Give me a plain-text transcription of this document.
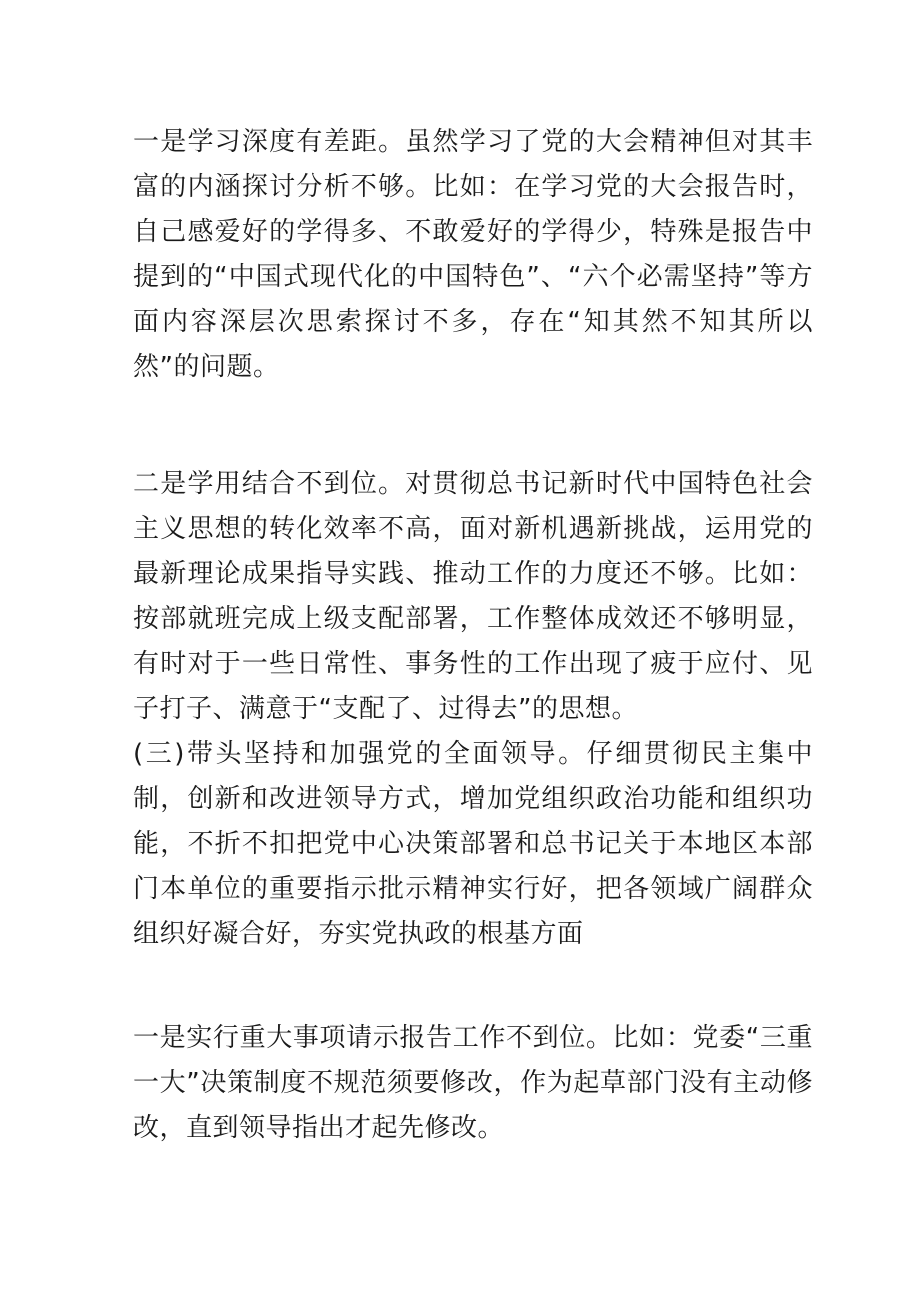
一是学习深度有差距。虽然学习了党的大会精神但对其丰富的内涵探讨分析不够。比如：在学习党的大会报告时，自己感爱好的学得多、不敢爱好的学得少，特殊是报告中提到的“中国式现代化的中国特色”、“六个必需坚持”等方面内容深层次思索探讨不多，存在“知其然不知其所以然”的问题。

二是学用结合不到位。对贯彻总书记新时代中国特色社会主义思想的转化效率不高，面对新机遇新挑战，运用党的最新理论成果指导实践、推动工作的力度还不够。比如：按部就班完成上级支配部署，工作整体成效还不够明显，有时对于一些日常性、事务性的工作出现了疲于应付、见子打子、满意于“支配了、过得去”的思想。
(三)带头坚持和加强党的全面领导。仔细贯彻民主集中制，创新和改进领导方式，增加党组织政治功能和组织功能，不折不扣把党中心决策部署和总书记关于本地区本部门本单位的重要指示批示精神实行好，把各领域广阔群众组织好凝合好，夯实党执政的根基方面

一是实行重大事项请示报告工作不到位。比如：党委“三重一大”决策制度不规范须要修改，作为起草部门没有主动修改，直到领导指出才起先修改。
